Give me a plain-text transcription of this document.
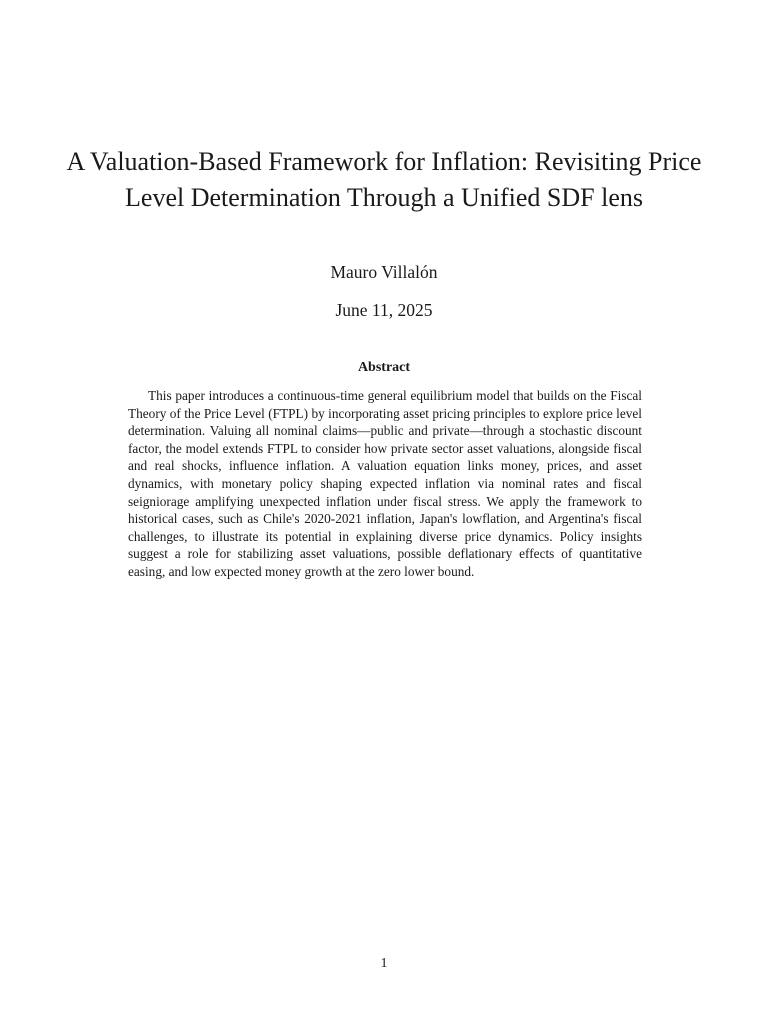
A Valuation-Based Framework for Inflation: Revisiting Price Level Determination Through a Unified SDF lens
Mauro Villalón
June 11, 2025
Abstract

This paper introduces a continuous-time general equilibrium model that builds on the Fiscal Theory of the Price Level (FTPL) by incorporating asset pricing principles to explore price level determination. Valuing all nominal claims—public and private—through a stochastic discount factor, the model extends FTPL to consider how private sector asset valuations, alongside fiscal and real shocks, influence inflation. A valuation equation links money, prices, and asset dynamics, with monetary policy shaping expected inflation via nominal rates and fiscal seigniorage amplifying unexpected inflation under fiscal stress. We apply the framework to historical cases, such as Chile's 2020-2021 inflation, Japan's lowflation, and Argentina's fiscal challenges, to illustrate its potential in explaining diverse price dynamics. Policy insights suggest a role for stabilizing asset valuations, possible deflationary effects of quantitative easing, and low expected money growth at the zero lower bound.

1
